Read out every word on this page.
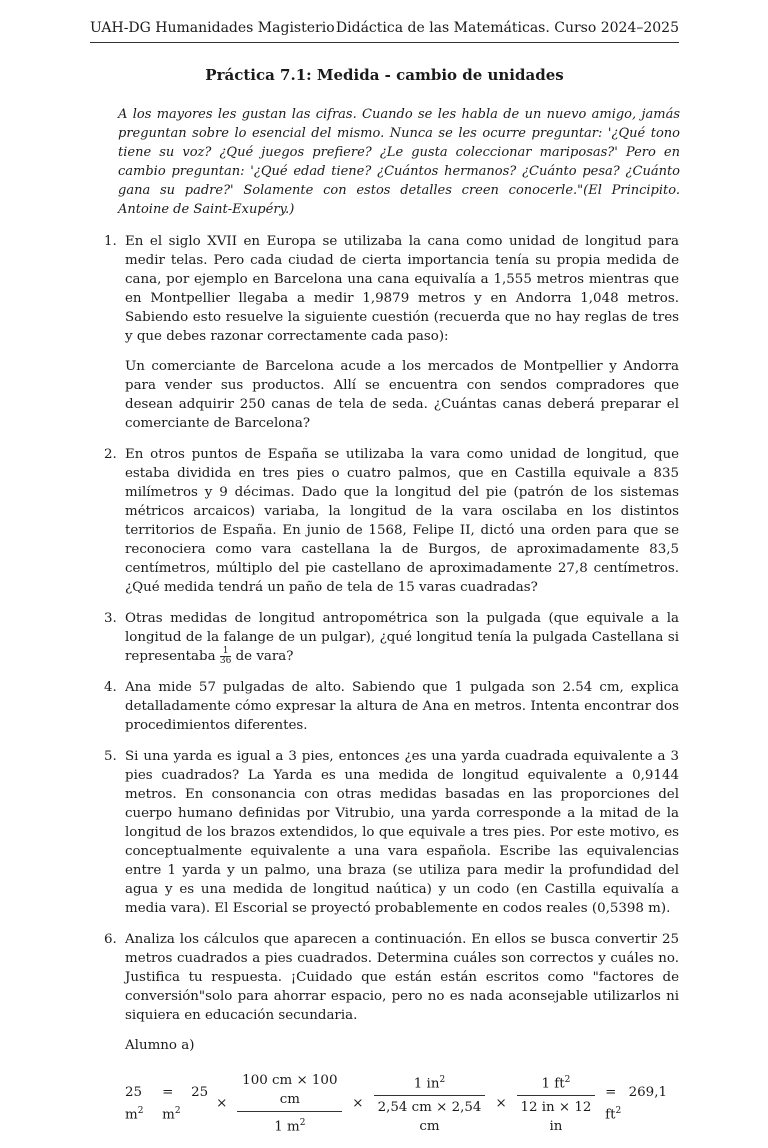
UAH-DG Humanidades Magisterio Didáctica de las Matemáticas. Curso 2024–2025
Práctica 7.1: Medida - cambio de unidades
A los mayores les gustan las cifras. Cuando se les habla de un nuevo amigo, jamás preguntan sobre lo esencial del mismo. Nunca se les ocurre preguntar: '¿Qué tono tiene su voz? ¿Qué juegos prefiere? ¿Le gusta coleccionar mariposas?' Pero en cambio preguntan: '¿Qué edad tiene? ¿Cuántos hermanos? ¿Cuánto pesa? ¿Cuánto gana su padre?' Solamente con estos detalles creen conocerle."(El Principito. Antoine de Saint-Exupéry.)
1. En el siglo XVII en Europa se utilizaba la cana como unidad de longitud para medir telas. Pero cada ciudad de cierta importancia tenía su propia medida de cana, por ejemplo en Barcelona una cana equivalía a 1,555 metros mientras que en Montpellier llegaba a medir 1,9879 metros y en Andorra 1,048 metros. Sabiendo esto resuelve la siguiente cuestión (recuerda que no hay reglas de tres y que debes razonar correctamente cada paso):
Un comerciante de Barcelona acude a los mercados de Montpellier y Andorra para vender sus productos. Allí se encuentra con sendos compradores que desean adquirir 250 canas de tela de seda. ¿Cuántas canas deberá preparar el comerciante de Barcelona?
2. En otros puntos de España se utilizaba la vara como unidad de longitud, que estaba dividida en tres pies o cuatro palmos, que en Castilla equivale a 835 milímetros y 9 décimas. Dado que la longitud del pie (patrón de los sistemas métricos arcaicos) variaba, la longitud de la vara oscilaba en los distintos territorios de España. En junio de 1568, Felipe II, dictó una orden para que se reconociera como vara castellana la de Burgos, de aproximadamente 83,5 centímetros, múltiplo del pie castellano de aproximadamente 27,8 centímetros. ¿Qué medida tendrá un paño de tela de 15 varas cuadradas?
3. Otras medidas de longitud antropométrica son la pulgada (que equivale a la longitud de la falange de un pulgar), ¿qué longitud tenía la pulgada Castellana si representaba $\frac{1}{36}$ de vara?
4. Ana mide 57 pulgadas de alto. Sabiendo que 1 pulgada son 2.54 cm, explica detalladamente cómo expresar la altura de Ana en metros. Intenta encontrar dos procedimientos diferentes.
5. Si una yarda es igual a 3 pies, entonces ¿es una yarda cuadrada equivalente a 3 pies cuadrados? La Yarda es una medida de longitud equivalente a 0,9144 metros. En consonancia con otras medidas basadas en las proporciones del cuerpo humano definidas por Vitrubio, una yarda corresponde a la mitad de la longitud de los brazos extendidos, lo que equivale a tres pies. Por este motivo, es conceptualmente equivalente a una vara española. Escribe las equivalencias entre 1 yarda y un palmo, una braza (se utiliza para medir la profundidad del agua y es una medida de longitud naútica) y un codo (en Castilla equivalía a media vara). El Escorial se proyectó probablemente en codos reales (0,5398 m).
6. Analiza los cálculos que aparecen a continuación. En ellos se busca convertir 25 metros cuadrados a pies cuadrados. Determina cuáles son correctos y cuáles no. Justifica tu respuesta. ¡Cuidado que están están escritos como "factores de conversión"solo para ahorrar espacio, pero no es nada aconsejable utilizarlos ni siquiera en educación secundaria.
Alumno a)
25 $m^2$
= 25 $m^2$	× $\frac{100 cm \times 100 cm}{1 m^2} \times \frac{1 in^2}{2,54 cm \times 2,54 cm} \times \frac{1 ft^2}{12 in \times 12 in} = 269,1$ $ft^2$
